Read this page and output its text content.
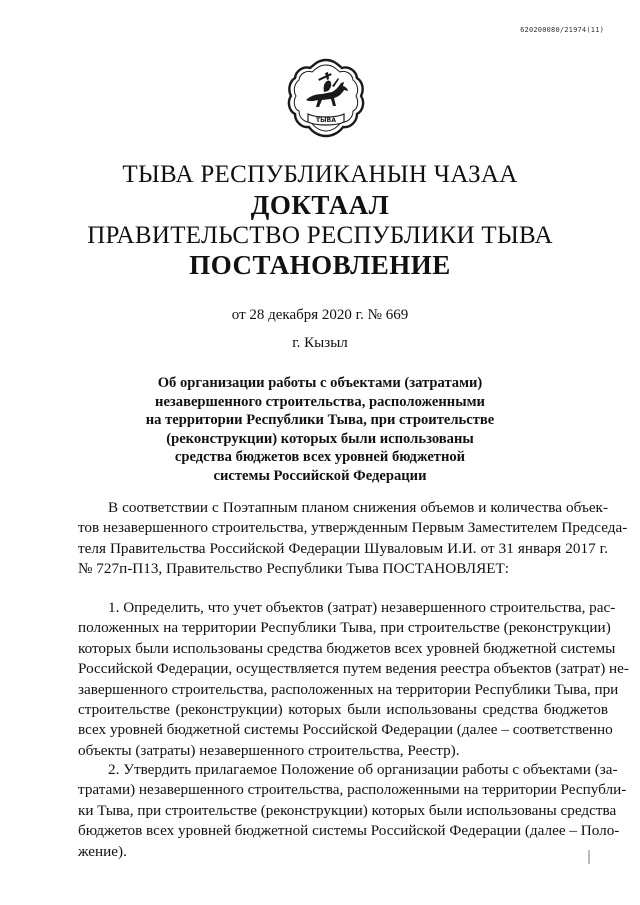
620200080/21974(11)
ТЫВА
ТЫВА РЕСПУБЛИКАНЫН ЧАЗАА
ДОКТААЛ
ПРАВИТЕЛЬСТВО РЕСПУБЛИКИ ТЫВА
ПОСТАНОВЛЕНИЕ
от 28 декабря 2020 г. № 669
г. Кызыл
Об организации работы с объектами (затратами)
незавершенного строительства, расположенными
на территории Республики Тыва, при строительстве
(реконструкции) которых были использованы
средства бюджетов всех уровней бюджетной
системы Российской Федерации
В соответствии с Поэтапным планом снижения объемов и количества объек-
тов незавершенного строительства, утвержденным Первым Заместителем Председа-
теля Правительства Российской Федерации Шуваловым И.И. от 31 января 2017 г.
№ 727п-П13, Правительство Республики Тыва ПОСТАНОВЛЯЕТ:
1. Определить, что учет объектов (затрат) незавершенного строительства, рас-
положенных на территории Республики Тыва, при строительстве (реконструкции)
которых были использованы средства бюджетов всех уровней бюджетной системы
Российской Федерации, осуществляется путем ведения реестра объектов (затрат) не-
завершенного строительства, расположенных на территории Республики Тыва, при
строительстве (реконструкции) которых были использованы средства бюджетов
всех уровней бюджетной системы Российской Федерации (далее – соответственно
объекты (затраты) незавершенного строительства, Реестр).
2. Утвердить прилагаемое Положение об организации работы с объектами (за-
тратами) незавершенного строительства, расположенными на территории Республи-
ки Тыва, при строительстве (реконструкции) которых были использованы средства
бюджетов всех уровней бюджетной системы Российской Федерации (далее – Поло-
жение).
